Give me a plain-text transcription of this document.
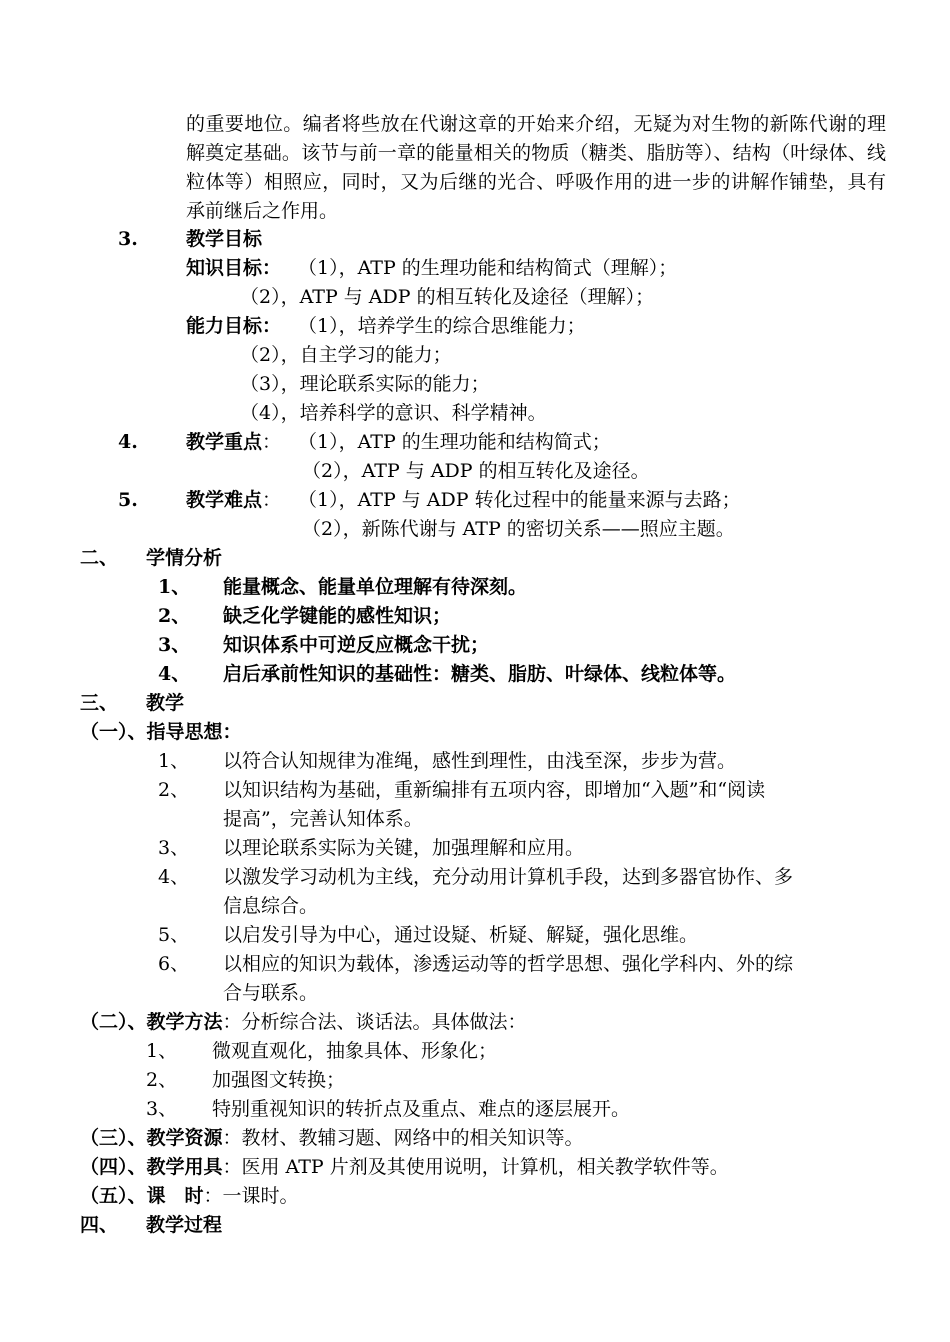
的重要地位。编者将些放在代谢这章的开始来介绍，无疑为对生物的新陈代谢的理解奠定基础。该节与前一章的能量相关的物质（糖类、脂肪等）、结构（叶绿体、线粒体等）相照应，同时，又为后继的光合、呼吸作用的进一步的讲解作铺垫，具有承前继后之作用。
3.	教学目标
知识目标： （1），ATP 的生理功能和结构简式（理解）；
（2），ATP 与 ADP 的相互转化及途径（理解）；
能力目标： （1），培养学生的综合思维能力；
（2），自主学习的能力；
（3），理论联系实际的能力；
（4），培养科学的意识、科学精神。
4.	教学重点： （1），ATP 的生理功能和结构简式；
（2），ATP 与 ADP 的相互转化及途径。
5.	教学难点： （1），ATP 与 ADP 转化过程中的能量来源与去路；
（2），新陈代谢与 ATP 的密切关系——照应主题。
二、 学情分析
1、 能量概念、能量单位理解有待深刻。
2、 缺乏化学键能的感性知识；
3、 知识体系中可逆反应概念干扰；
4、 启后承前性知识的基础性：糖类、脂肪、叶绿体、线粒体等。
三、 教学
（一）、指导思想：
1、 以符合认知规律为准绳，感性到理性，由浅至深，步步为营。
2、 以知识结构为基础，重新编排有五项内容，即增加“入题”和“阅读
提高”，完善认知体系。
3、 以理论联系实际为关键，加强理解和应用。
4、 以激发学习动机为主线，充分动用计算机手段，达到多器官协作、多
信息综合。
5、 以启发引导为中心，通过设疑、析疑、解疑，强化思维。
6、 以相应的知识为载体，渗透运动等的哲学思想、强化学科内、外的综
合与联系。
（二）、教学方法：分析综合法、谈话法。具体做法：
1、 微观直观化，抽象具体、形象化；
2、 加强图文转换；
3、 特别重视知识的转折点及重点、难点的逐层展开。
（三）、教学资源：教材、教辅习题、网络中的相关知识等。
（四）、教学用具：医用 ATP 片剂及其使用说明，计算机，相关教学软件等。
（五）、课　时：一课时。
四、 教学过程
